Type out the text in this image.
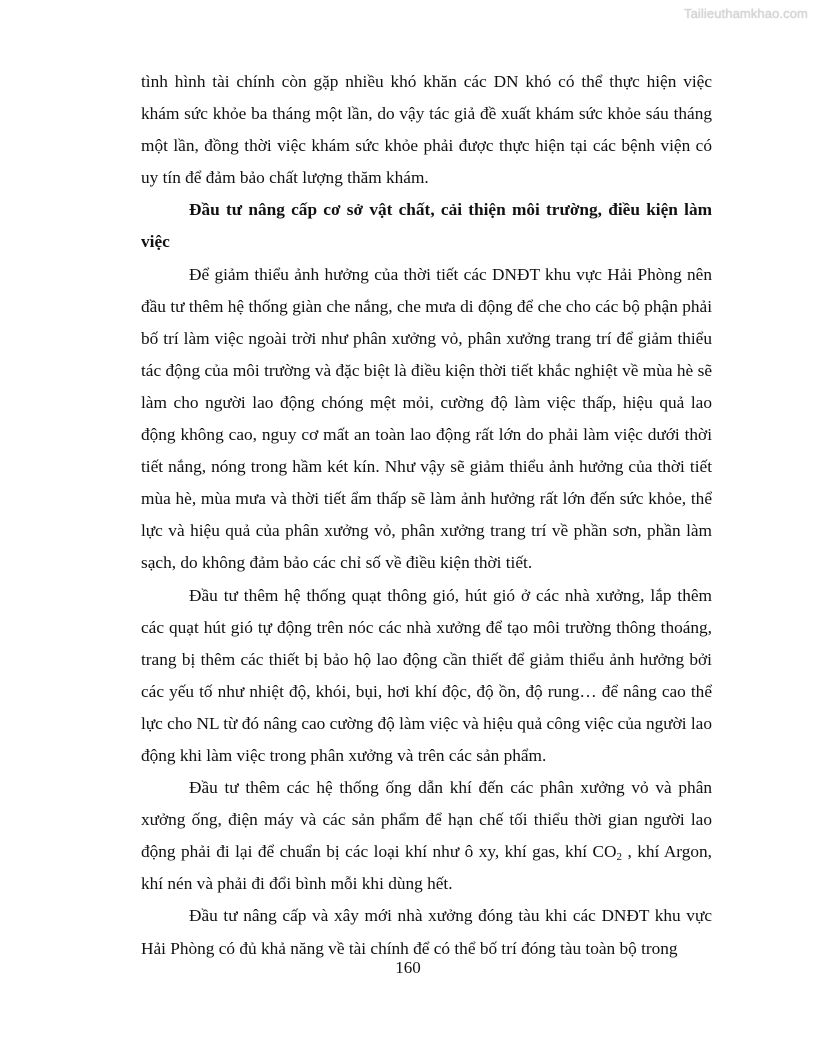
Tailieuthamkhao.com

tình hình tài chính còn gặp nhiều khó khăn các DN khó có thể thực hiện việc khám sức khỏe ba tháng một lần, do vậy tác giả đề xuất khám sức khỏe sáu tháng một lần, đồng thời việc khám sức khỏe phải được thực hiện tại các bệnh viện có uy tín để đảm bảo chất lượng thăm khám.

Đầu tư nâng cấp cơ sở vật chất, cải thiện môi trường, điều kiện làm việc

Để giảm thiểu ảnh hưởng của thời tiết các DNĐT khu vực Hải Phòng nên đầu tư thêm hệ thống giàn che nắng, che mưa di động để che cho các bộ phận phải bố trí làm việc ngoài trời như phân xưởng vỏ, phân xưởng trang trí để giảm thiểu tác động của môi trường và đặc biệt là điều kiện thời tiết khắc nghiệt về mùa hè sẽ làm cho người lao động chóng mệt mỏi, cường độ làm việc thấp, hiệu quả lao động không cao, nguy cơ mất an toàn lao động rất lớn do phải làm việc dưới thời tiết nắng, nóng trong hầm két kín. Như vậy sẽ giảm thiểu ảnh hưởng của thời tiết mùa hè, mùa mưa và thời tiết ẩm thấp sẽ làm ảnh hưởng rất lớn đến sức khỏe, thể lực và hiệu quả của phân xưởng vỏ, phân xưởng trang trí về phần sơn, phần làm sạch, do không đảm bảo các chỉ số về điều kiện thời tiết.

Đầu tư thêm hệ thống quạt thông gió, hút gió ở các nhà xưởng, lắp thêm các quạt hút gió tự động trên nóc các nhà xưởng để tạo môi trường thông thoáng, trang bị thêm các thiết bị bảo hộ lao động cần thiết để giảm thiểu ảnh hưởng bởi các yếu tố như nhiệt độ, khói, bụi, hơi khí độc, độ ồn, độ rung… để nâng cao thể lực cho NL từ đó nâng cao cường độ làm việc và hiệu quả công việc của người lao động khi làm việc trong phân xưởng và trên các sản phẩm.

Đầu tư thêm các hệ thống ống dẫn khí đến các phân xưởng vỏ và phân xưởng ống, điện máy và các sản phẩm để hạn chế tối thiểu thời gian người lao động phải đi lại để chuẩn bị các loại khí như ô xy, khí gas, khí $CO_2$ , khí Argon, khí nén và phải đi đổi bình mỗi khi dùng hết.

Đầu tư nâng cấp và xây mới nhà xưởng đóng tàu khi các DNĐT khu vực Hải Phòng có đủ khả năng về tài chính để có thể bố trí đóng tàu toàn bộ trong

160
